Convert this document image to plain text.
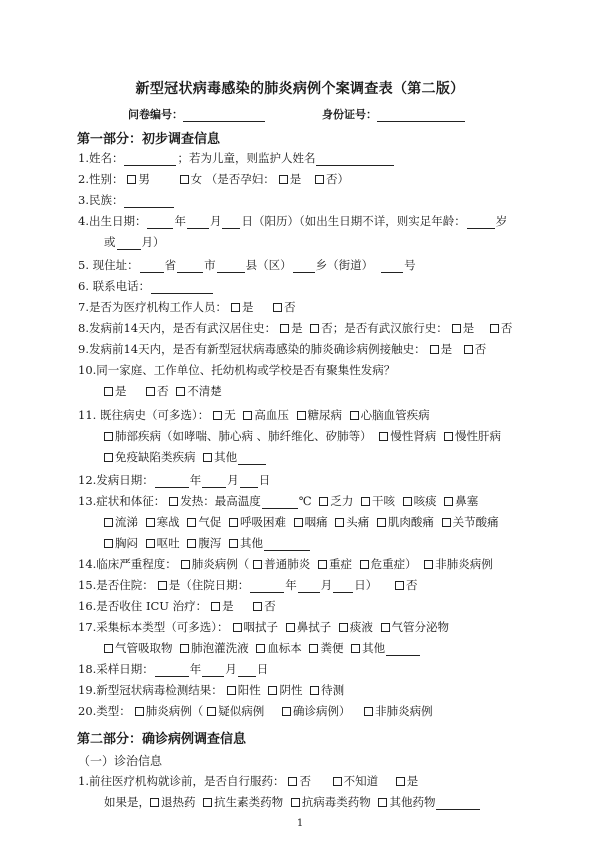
新型冠状病毒感染的肺炎病例个案调查表（第二版）
问卷编号：	身份证号：
第一部分：初步调查信息
1.姓名：	；若为儿童，则监护人姓名
2.性别： 男	女 （是否孕妇： 是 否）
3.民族：
4.出生日期： 年 月 日（阳历）（如出生日期不详，则实足年龄：	岁
或 月）
5. 现住址： 省 市	县（区） 乡（街道）	号
6. 联系电话：
7.是否为医疗机构工作人员： 是	否
8.发病前14天内，是否有武汉居住史： 是 否；是否有武汉旅行史： 是 否
9.发病前14天内，是否有新型冠状病毒感染的肺炎确诊病例接触史： 是 否
10.同一家庭、工作单位、托幼机构或学校是否有聚集性发病？
是	否 不清楚
11. 既往病史（可多选）： 无 高血压 糖尿病 心脑血管疾病
肺部疾病（如哮喘、肺心病 、肺纤维化、矽肺等） 慢性肾病 慢性肝病
免疫缺陷类疾病 其他
12.发病日期：	年 月 日
13.症状和体征： 发热：最高温度	℃ 乏力 干咳 咳痰 鼻塞
流涕 寒战 气促 呼吸困难 咽痛 头痛 肌肉酸痛 关节酸痛
胸闷 呕吐 腹泻 其他
14.临床严重程度： 肺炎病例（ 普通肺炎 重症 危重症） 非肺炎病例
15.是否住院： 是（住院日期：	年 月 日） 否
16.是否收住 ICU 治疗： 是	否
17.采集标本类型（可多选）： 咽拭子 鼻拭子 痰液 气管分泌物
气管吸取物 肺泡灌洗液 血标本 粪便 其他
18.采样日期：	年 月 日
19.新型冠状病毒检测结果： 阳性 阴性 待测
20.类型： 肺炎病例（ 疑似病例 确诊病例） 非肺炎病例
第二部分：确诊病例调查信息
（一）诊治信息
1.前往医疗机构就诊前，是否自行服药： 否	不知道 是
如果是， 退热药 抗生素类药物 抗病毒类药物 其他药物
1
